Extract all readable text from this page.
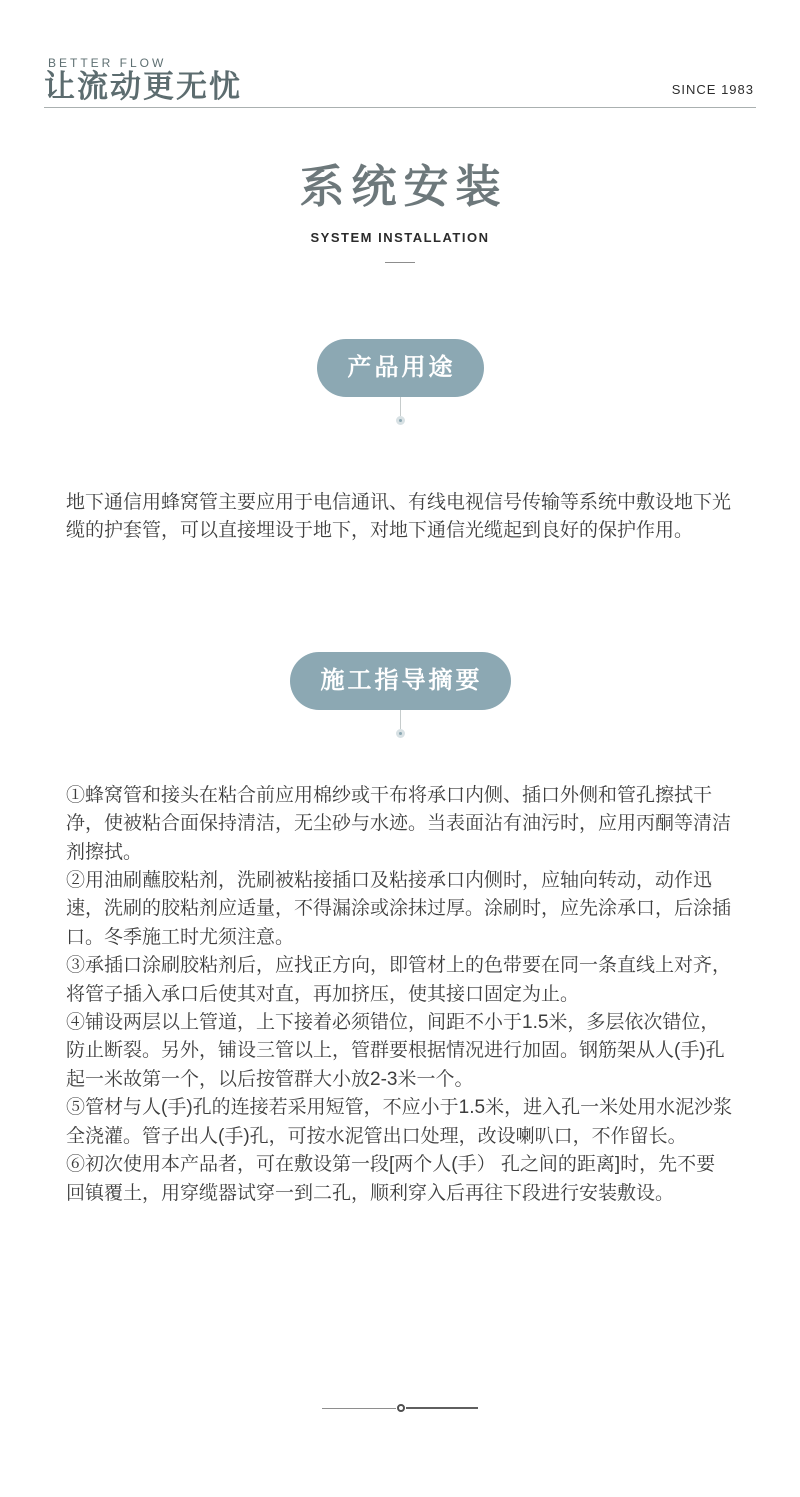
BETTER FLOW
让流动更无忧	SINCE 1983
系统安装
SYSTEM INSTALLATION
产品用途
地下通信用蜂窝管主要应用于电信通讯、有线电视信号传输等系统中敷设地下光缆的护套管，可以直接埋设于地下，对地下通信光缆起到良好的保护作用。
施工指导摘要

①蜂窝管和接头在粘合前应用棉纱或干布将承口内侧、插口外侧和管孔擦拭干净，使被粘合面保持清洁，无尘砂与水迹。当表面沾有油污时，应用丙酮等清洁剂擦拭。

②用油刷蘸胶粘剂，洗刷被粘接插口及粘接承口内侧时，应轴向转动，动作迅速，洗刷的胶粘剂应适量，不得漏涂或涂抹过厚。涂刷时，应先涂承口，后涂插口。冬季施工时尤须注意。

③承插口涂刷胶粘剂后，应找正方向，即管材上的色带要在同一条直线上对齐，将管子插入承口后使其对直，再加挤压，使其接口固定为止。

④铺设两层以上管道，上下接着必须错位，间距不小于1.5米，多层依次错位，防止断裂。另外，铺设三管以上，管群要根据情况进行加固。钢筋架从人(手)孔起一米故第一个，以后按管群大小放2-3米一个。

⑤管材与人(手)孔的连接若采用短管，不应小于1.5米，进入孔一米处用水泥沙浆全浇灌。管子出人(手)孔，可按水泥管出口处理，改设喇叭口，不作留长。

⑥初次使用本产品者，可在敷设第一段[两个人(手） 孔之间的距离]时，先不要回镇覆土，用穿缆器试穿一到二孔，顺利穿入后再往下段进行安装敷设。
